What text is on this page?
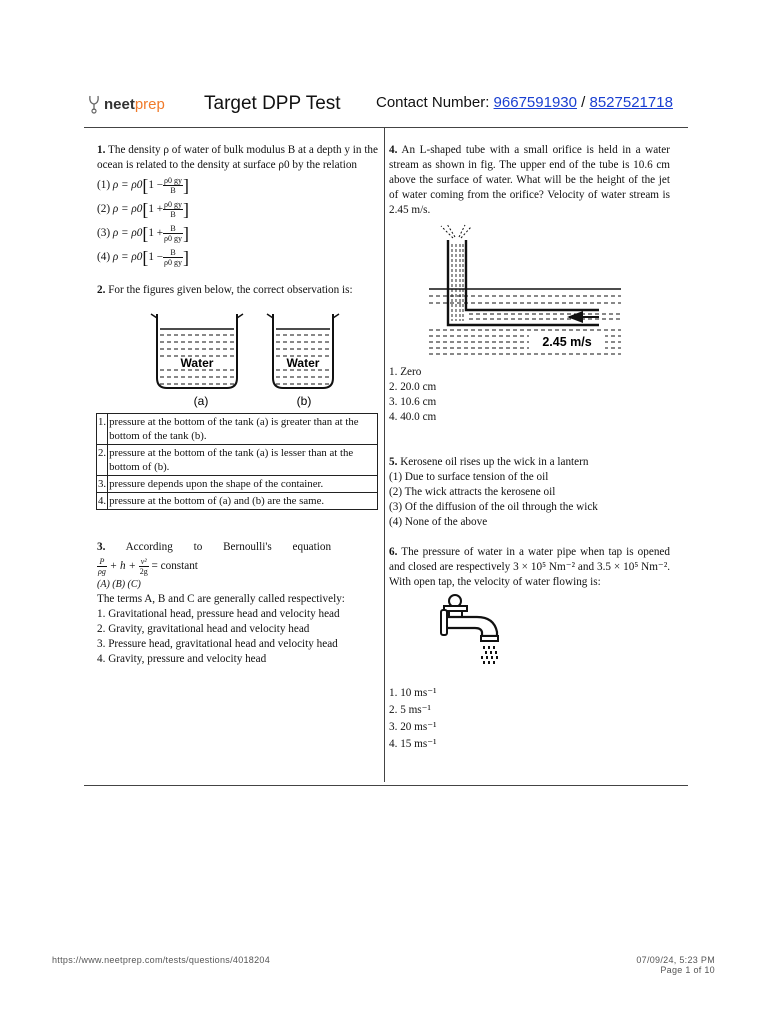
neetprep Target DPP Test Contact Number: 9667591930 / 8527521718

1. The density ρ of water of bulk modulus B at a depth y in the ocean is related to the density at surface ρ0 by the relation

(1) $\rho = \rho 0[1 - \frac{\rho 0 gy}{B}$ ]
(2) $\rho = \rho 0[1 + \frac{\rho 0 gy}{B}$ ]
(3) $\rho = \rho 0[1 + \frac{B}{\rho 0 gy}$ ]
(4) $\rho = \rho 0[1 - \frac{B}{\rho 0 gy}$ ]

2. For the figures given below, the correct observation is:

Water
(a)
Water
(b)
1.	pressure at the bottom of the tank (a) is greater than at the bottom of the tank (b).
2.	pressure at the bottom of the tank (a) is lesser than at the bottom of (b).
3.	pressure depends upon the shape of the container.
4.	pressure at the bottom of (a) and (b) are the same.

3. According to Bernoulli's equation

$\frac{P}{\rho g} + h + \frac{\text{v²}}{2g}$ = constant
(A) (B) (C)
The terms A, B and C are generally called respectively:
1. Gravitational head, pressure head and velocity head
2. Gravity, gravitational head and velocity head
3. Pressure head, gravitational head and velocity head
4. Gravity, pressure and velocity head

4. An L-shaped tube with a small orifice is held in a water stream as shown in fig. The upper end of the tube is 10.6 cm above the surface of water. What will be the height of the jet of water coming from the orifice? Velocity of water stream is 2.45 m/s.

2.45 m/s
1. Zero
2. 20.0 cm
3. 10.6 cm
4. 40.0 cm

5. Kerosene oil rises up the wick in a lantern

(1) Due to surface tension of the oil
(2) The wick attracts the kerosene oil
(3) Of the diffusion of the oil through the wick
(4) None of the above

6. The pressure of water in a water pipe when tap is opened and closed are respectively 3 × 10⁵ Nm⁻² and 3.5 × 10⁵ Nm⁻². With open tap, the velocity of water flowing is:

1. 10 ms⁻¹
2. 5 ms⁻¹
3. 20 ms⁻¹
4. 15 ms⁻¹
https://www.neetprep.com/tests/questions/4018204	07/09/24, 5:23 PM
Page 1 of 10
